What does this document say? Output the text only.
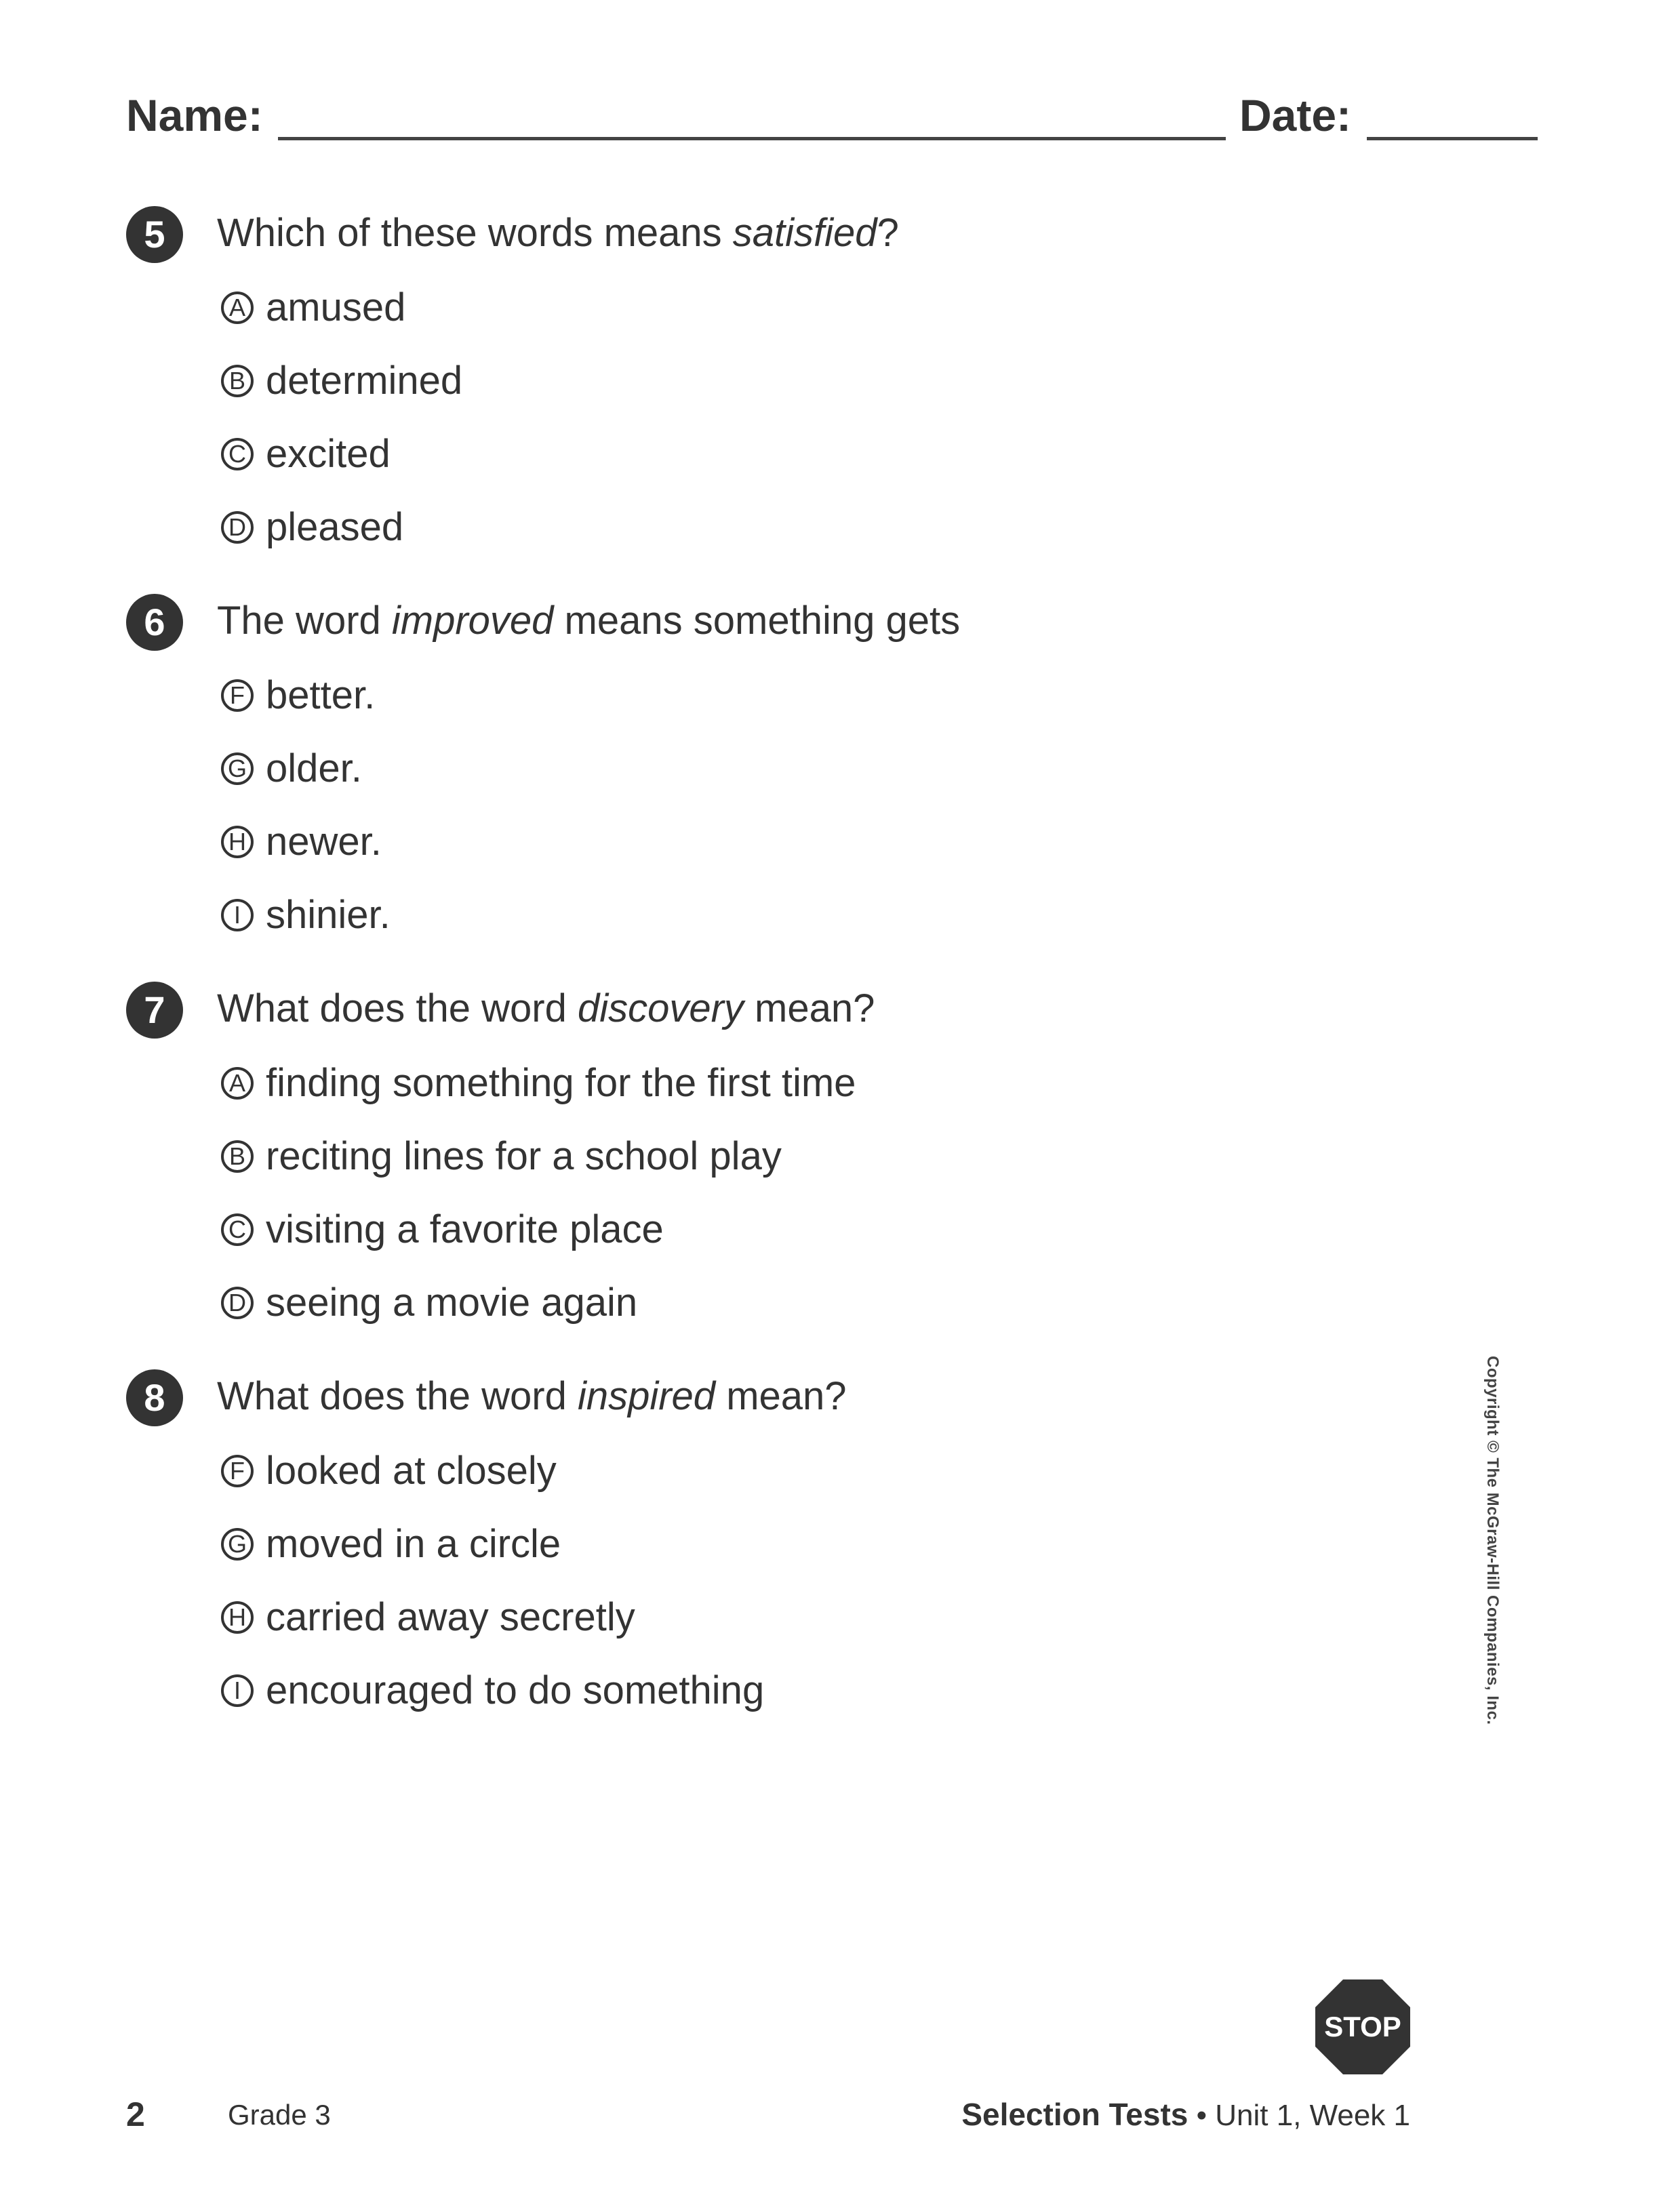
Name:	Date:
5	Which of these words means satisfied?
A amused
B determined
C excited
D pleased
6	The word improved means something gets
F better.
G older.
H newer.
I shinier.
7	What does the word discovery mean?
A finding something for the first time
B reciting lines for a school play
C visiting a favorite place
D seeing a movie again
8	What does the word inspired mean?
F looked at closely
G moved in a circle
H carried away secretly
I encouraged to do something	Copyright © The McGraw-Hill Companies, Inc.
STOP
2	Grade 3	Selection Tests • Unit 1, Week 1
